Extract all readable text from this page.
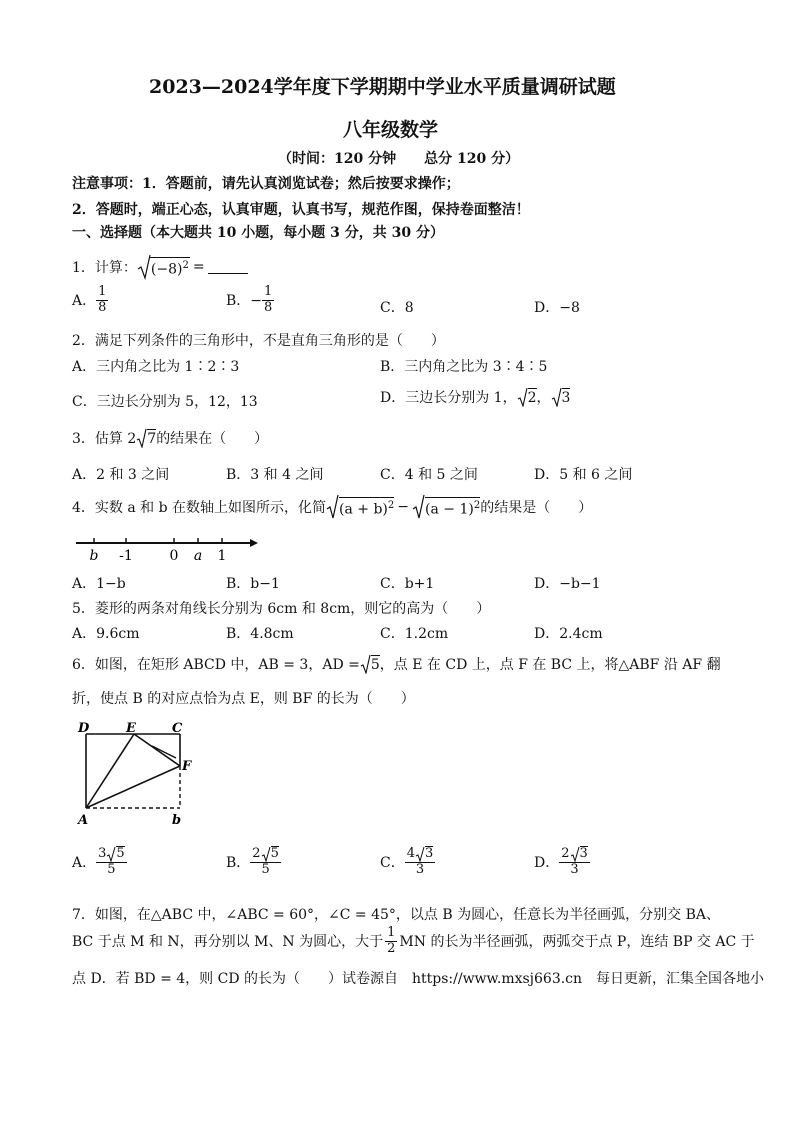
2023—2024学年度下学期期中学业水平质量调研试题
八年级数学
（时间：120 分钟　　总分 120 分）
注意事项：1．答题前，请先认真浏览试卷；然后按要求操作；
2．答题时，端正心态，认真审题，认真书写，规范作图，保持卷面整洁！
一、选择题（本大题共 10 小题，每小题 3 分，共 30 分）
1．计算： $(-8)^2$ =
A． $\frac{1}{8}$	B．− $\frac{1}{8}$	C．8	D．−8
2．满足下列条件的三角形中，不是直角三角形的是（　　）
A．三内角之比为 1∶2∶3	B．三内角之比为 3∶4∶5
C．三边长分别为 5，12，13	D．三边长分别为 1， 2 ， 3
3．估算 2 7 的结果在（　　）
A．2 和 3 之间	B．3 和 4 之间	C．4 和 5 之间	D．5 和 6 之间
4．实数 a 和 b 在数轴上如图所示，化简 $(a + b)^2 - (a - 1)^2$ 的结果是（　　）
b -1	0 a 1
A．1−b	B．b−1	C．b+1	D．−b−1
5．菱形的两条对角线长分别为 6cm 和 8cm，则它的高为（　　）
A．9.6cm	B．4.8cm	C．1.2cm	D．2.4cm
6．如图，在矩形 ABCD 中，AB = 3，AD = 5 ，点 E 在 CD 上，点 F 在 BC 上，将△ABF 沿 AF 翻
折，使点 B 的对应点恰为点 E，则 BF 的长为（　　）
D	E	C
F
A	b
A． $\frac{3 5}{5}$	B． $\frac{2 5}{5}$	C． $\frac{4 3}{3}$	D． $\frac{2 3}{3}$
7．如图，在△ABC 中，∠ABC = 60°，∠C = 45°，以点 B 为圆心，任意长为半径画弧，分别交 BA、
BC 于点 M 和 N，再分别以 M、N 为圆心，大于 $\frac{1}{2}$ MN 的长为半径画弧，两弧交于点 P，连结 BP 交 AC 于
点 D．若 BD = 4，则 CD 的长为（　　）试卷源自　https://www.mxsj663.cn　每日更新，汇集全国各地小
